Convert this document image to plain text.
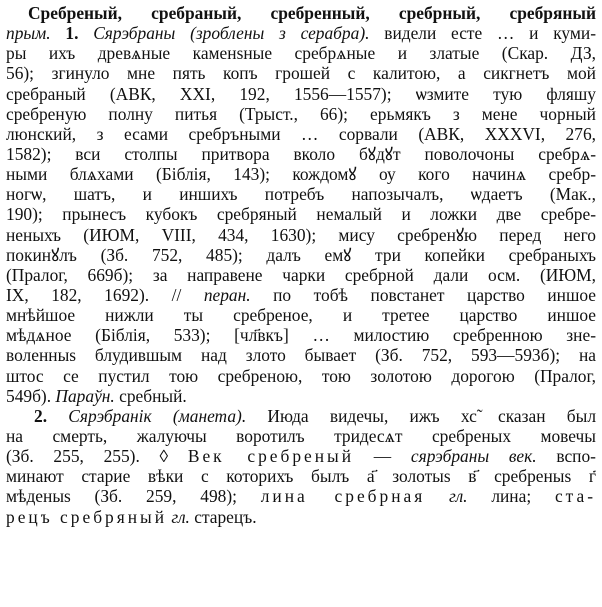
Сребреный, сребраный, сребренный, сребрный, сребряный
прым. 1. Сярэбраны (зроблены з серабра). видели есте … и куми-
ры ихъ древѧные каменѕные сребрѧные и златые (Скар. ДЗ,
56); згинуло мне пять копъ грошей с калитою, а сикгнетъ мой
сребраный (АВК, XXI, 192, 1556—1557); ѡзмите тую фляшу
сребреную полну питья (Трыст., 66); ерьмякъ з мене чорный
люнский, з есами сребръными … сорвали (АВК, XXXVI, 276,
1582); вси столпы притвора вколо бꙋдꙋт поволочоны сребрѧ-
ными блѧхами (Біблія, 143); кождомꙋ оу кого начинѧ сребр-
ногѡ, шатъ, и иншихъ потребъ напозычалъ, ѡдаетъ (Мак.,
190); прынесъ кубокъ сребряный немалый и ложки две сребре-
неныхъ (ИЮМ, VIII, 434, 1630); мису сребренꙋю перед него
покинꙋлъ (Зб. 752, 485); далъ емꙋ три копейки сребраныхъ
(Пралог, 669б); за направене чарки сребрной дали осм. (ИЮМ,
IX, 182, 1692). // перан. по тобѣ повстанет царство иншое
мнѣйшое нижли ты сребреное, и третее царство иншое
мѣдѧное (Біблія, 533); [чл҃вкъ] … милостию сребренною зне-
воленныѕ блудившым над злото бывает (Зб. 752, 593—593б); на
штос се пустил тою сребреною, тою золотою дорогою (Пралог,
549б). Параўн. сребный.
2. Сярэбранік (манета). Июда видечы, ижъ хс̃ сказан был
на смерть, жалуючы воротилъ тридесѧт сребреных мовечы
(Зб. 255, 255). ◊ Век сребреный — сярэбраны век. вспо-
минают старие вѣки с которихъ былъ а҃ золотыѕ в҃ сребреныѕ г҃
мѣденыѕ (Зб. 259, 498); лина сребрная гл. лина; ста-
рецъ сребряный гл. старецъ.
